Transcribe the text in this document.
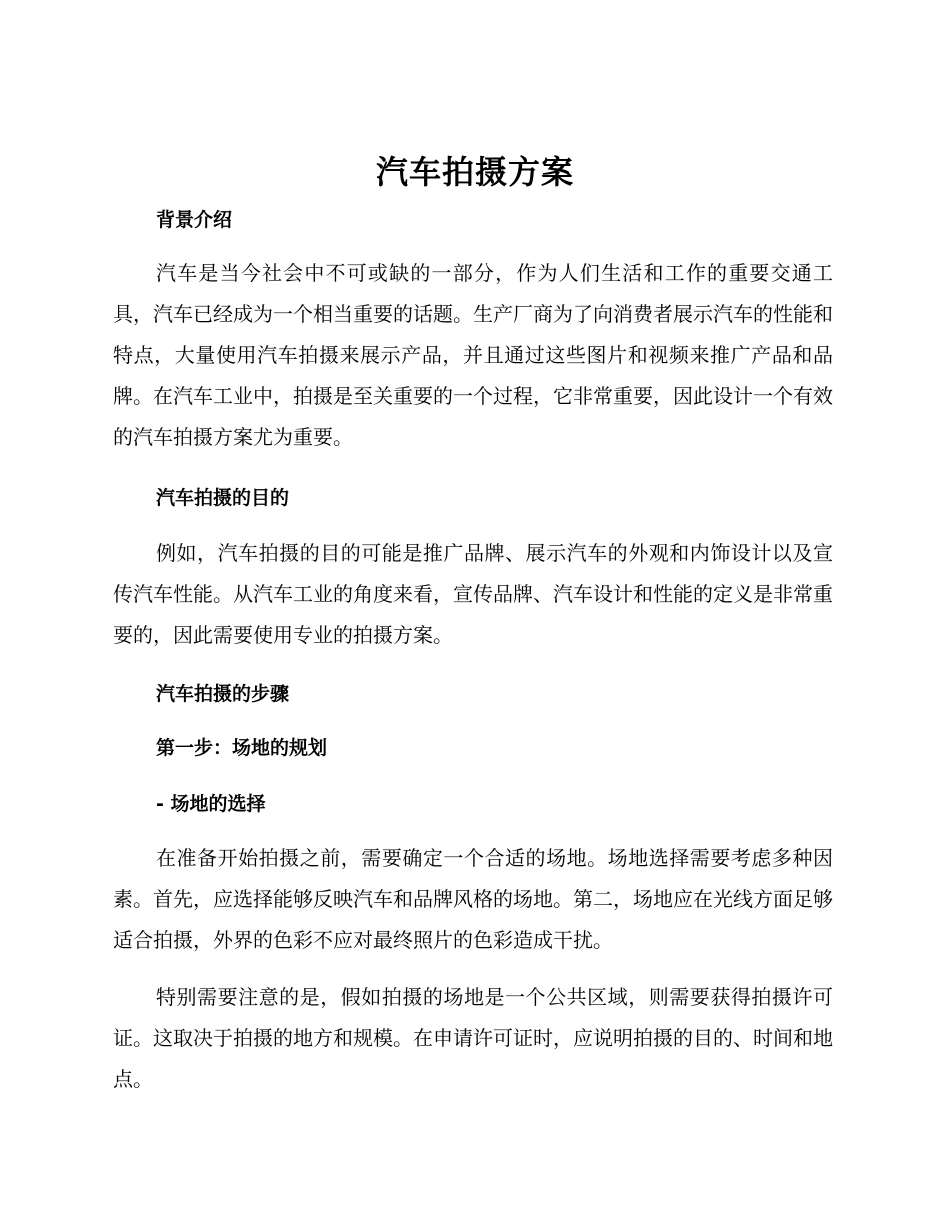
汽车拍摄方案
背景介绍

汽车是当今社会中不可或缺的一部分，作为人们生活和工作的重要交通工具，汽车已经成为一个相当重要的话题。生产厂商为了向消费者展示汽车的性能和特点，大量使用汽车拍摄来展示产品，并且通过这些图片和视频来推广产品和品牌。在汽车工业中，拍摄是至关重要的一个过程，它非常重要，因此设计一个有效的汽车拍摄方案尤为重要。

汽车拍摄的目的

例如，汽车拍摄的目的可能是推广品牌、展示汽车的外观和内饰设计以及宣传汽车性能。从汽车工业的角度来看，宣传品牌、汽车设计和性能的定义是非常重要的，因此需要使用专业的拍摄方案。

汽车拍摄的步骤
第一步：场地的规划
- 场地的选择

在准备开始拍摄之前，需要确定一个合适的场地。场地选择需要考虑多种因素。首先，应选择能够反映汽车和品牌风格的场地。第二，场地应在光线方面足够适合拍摄，外界的色彩不应对最终照片的色彩造成干扰。

特别需要注意的是，假如拍摄的场地是一个公共区域，则需要获得拍摄许可证。这取决于拍摄的地方和规模。在申请许可证时，应说明拍摄的目的、时间和地点。
